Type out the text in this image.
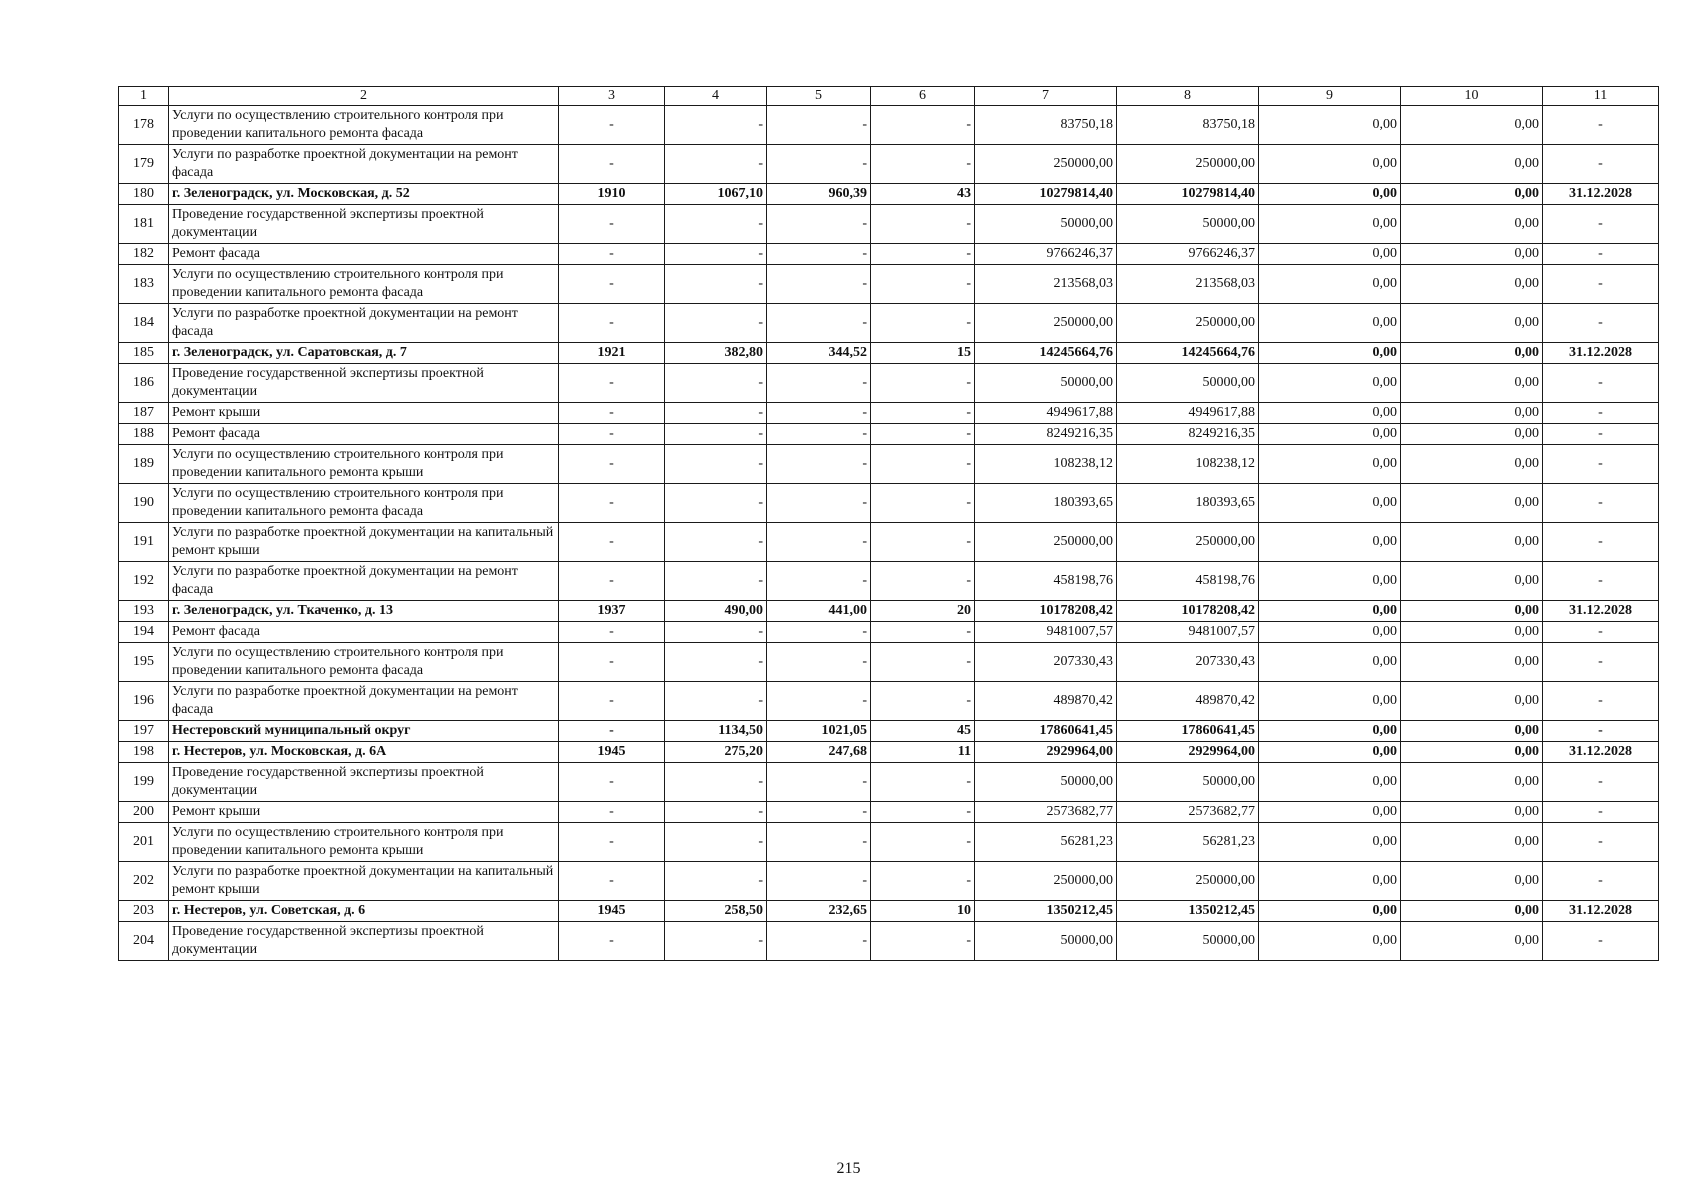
1	2	3	4	5	6	7	8	9	10	11
178	Услуги по осуществлению строительного контроля при проведении капитального ремонта фасада	-	-	-	-	83750,18	83750,18	0,00	0,00	-
179	Услуги по разработке проектной документации на ремонт фасада	-	-	-	-	250000,00	250000,00	0,00	0,00	-
180	г. Зеленоградск, ул. Московская, д. 52	1910	1067,10	960,39	43	10279814,40	10279814,40	0,00	0,00	31.12.2028
181	Проведение государственной экспертизы проектной документации	-	-	-	-	50000,00	50000,00	0,00	0,00	-
182	Ремонт фасада	-	-	-	-	9766246,37	9766246,37	0,00	0,00	-
183	Услуги по осуществлению строительного контроля при проведении капитального ремонта фасада	-	-	-	-	213568,03	213568,03	0,00	0,00	-
184	Услуги по разработке проектной документации на ремонт фасада	-	-	-	-	250000,00	250000,00	0,00	0,00	-
185	г. Зеленоградск, ул. Саратовская, д. 7	1921	382,80	344,52	15	14245664,76	14245664,76	0,00	0,00	31.12.2028
186	Проведение государственной экспертизы проектной документации	-	-	-	-	50000,00	50000,00	0,00	0,00	-
187	Ремонт крыши	-	-	-	-	4949617,88	4949617,88	0,00	0,00	-
188	Ремонт фасада	-	-	-	-	8249216,35	8249216,35	0,00	0,00	-
189	Услуги по осуществлению строительного контроля при проведении капитального ремонта крыши	-	-	-	-	108238,12	108238,12	0,00	0,00	-
190	Услуги по осуществлению строительного контроля при проведении капитального ремонта фасада	-	-	-	-	180393,65	180393,65	0,00	0,00	-
191	Услуги по разработке проектной документации на капитальный ремонт крыши	-	-	-	-	250000,00	250000,00	0,00	0,00	-
192	Услуги по разработке проектной документации на ремонт фасада	-	-	-	-	458198,76	458198,76	0,00	0,00	-
193	г. Зеленоградск, ул. Ткаченко, д. 13	1937	490,00	441,00	20	10178208,42	10178208,42	0,00	0,00	31.12.2028
194	Ремонт фасада	-	-	-	-	9481007,57	9481007,57	0,00	0,00	-
195	Услуги по осуществлению строительного контроля при проведении капитального ремонта фасада	-	-	-	-	207330,43	207330,43	0,00	0,00	-
196	Услуги по разработке проектной документации на ремонт фасада	-	-	-	-	489870,42	489870,42	0,00	0,00	-
197	Нестеровский муниципальный округ	-	1134,50	1021,05	45	17860641,45	17860641,45	0,00	0,00	-
198	г. Нестеров, ул. Московская, д. 6А	1945	275,20	247,68	11	2929964,00	2929964,00	0,00	0,00	31.12.2028
199	Проведение государственной экспертизы проектной документации	-	-	-	-	50000,00	50000,00	0,00	0,00	-
200	Ремонт крыши	-	-	-	-	2573682,77	2573682,77	0,00	0,00	-
201	Услуги по осуществлению строительного контроля при проведении капитального ремонта крыши	-	-	-	-	56281,23	56281,23	0,00	0,00	-
202	Услуги по разработке проектной документации на капитальный ремонт крыши	-	-	-	-	250000,00	250000,00	0,00	0,00	-
203	г. Нестеров, ул. Советская, д. 6	1945	258,50	232,65	10	1350212,45	1350212,45	0,00	0,00	31.12.2028
204	Проведение государственной экспертизы проектной документации	-	-	-	-	50000,00	50000,00	0,00	0,00	-
215
